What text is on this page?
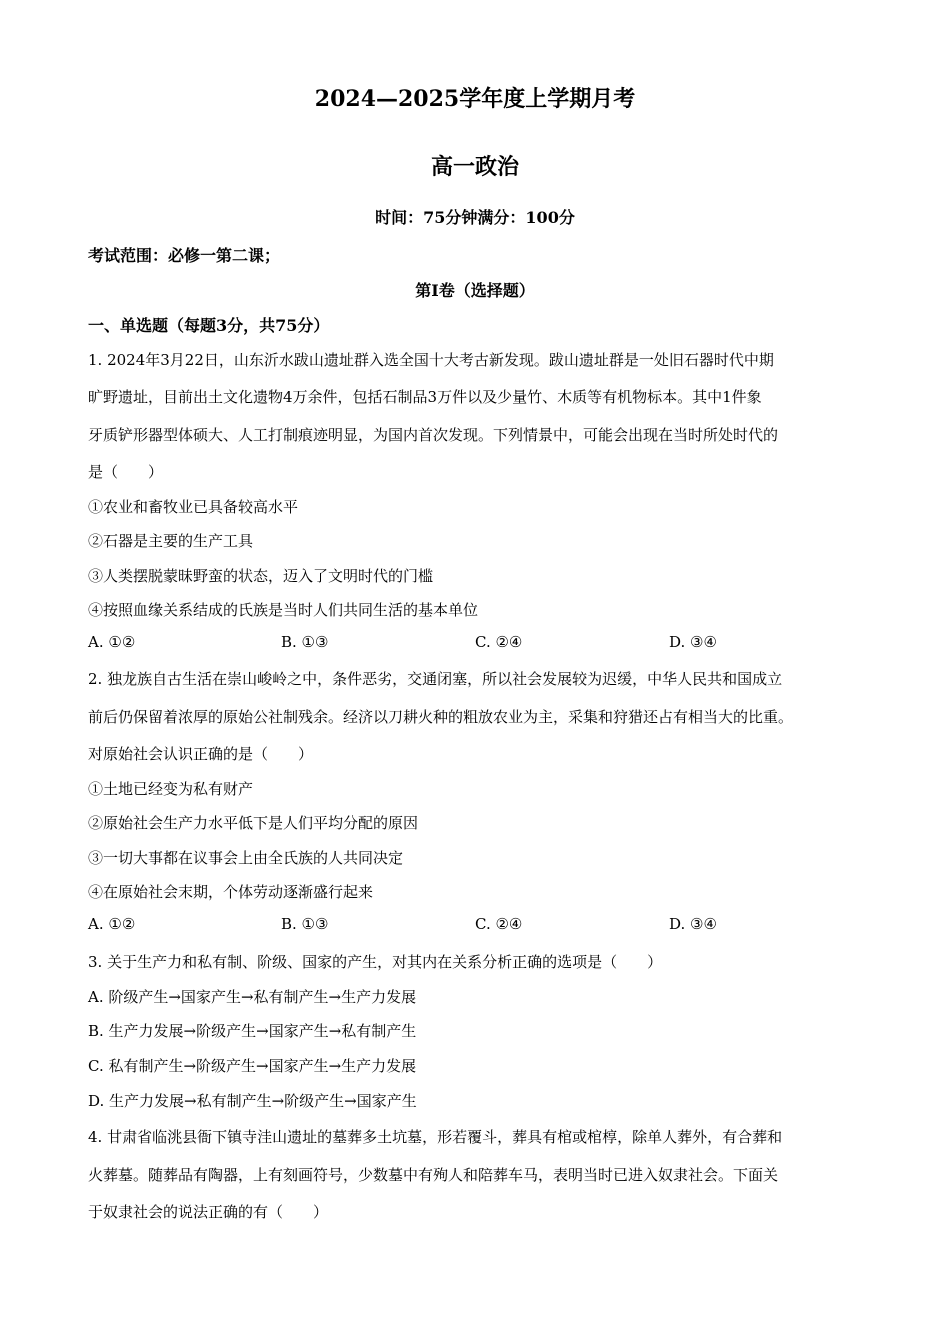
2024—2025学年度上学期月考
高一政治
时间：75分钟满分：100分
考试范围：必修一第二课；
第Ⅰ卷（选择题）
一、单选题（每题3分，共75分）
1. 2024年3月22日，山东沂水跋山遗址群入选全国十大考古新发现。跋山遗址群是一处旧石器时代中期
旷野遗址，目前出土文化遗物4万余件，包括石制品3万件以及少量竹、木质等有机物标本。其中1件象
牙质铲形器型体硕大、人工打制痕迹明显，为国内首次发现。下列情景中，可能会出现在当时所处时代的
是（　　）
①农业和畜牧业已具备较高水平
②石器是主要的生产工具
③人类摆脱蒙昧野蛮的状态，迈入了文明时代的门槛
④按照血缘关系结成的氏族是当时人们共同生活的基本单位
A. ①②	B. ①③	C. ②④	D. ③④
2. 独龙族自古生活在崇山峻岭之中，条件恶劣，交通闭塞，所以社会发展较为迟缓，中华人民共和国成立
前后仍保留着浓厚的原始公社制残余。经济以刀耕火种的粗放农业为主，采集和狩猎还占有相当大的比重。
对原始社会认识正确的是（　　）
①土地已经变为私有财产
②原始社会生产力水平低下是人们平均分配的原因
③一切大事都在议事会上由全氏族的人共同决定
④在原始社会末期，个体劳动逐渐盛行起来
A. ①②	B. ①③	C. ②④	D. ③④
3. 关于生产力和私有制、阶级、国家的产生，对其内在关系分析正确的选项是（　　）
A. 阶级产生→国家产生→私有制产生→生产力发展
B. 生产力发展→阶级产生→国家产生→私有制产生
C. 私有制产生→阶级产生→国家产生→生产力发展
D. 生产力发展→私有制产生→阶级产生→国家产生
4. 甘肃省临洮县衙下镇寺洼山遗址的墓葬多土坑墓，形若覆斗，葬具有棺或棺椁，除单人葬外，有合葬和
火葬墓。随葬品有陶器，上有刻画符号，少数墓中有殉人和陪葬车马，表明当时已进入奴隶社会。下面关
于奴隶社会的说法正确的有（　　）
